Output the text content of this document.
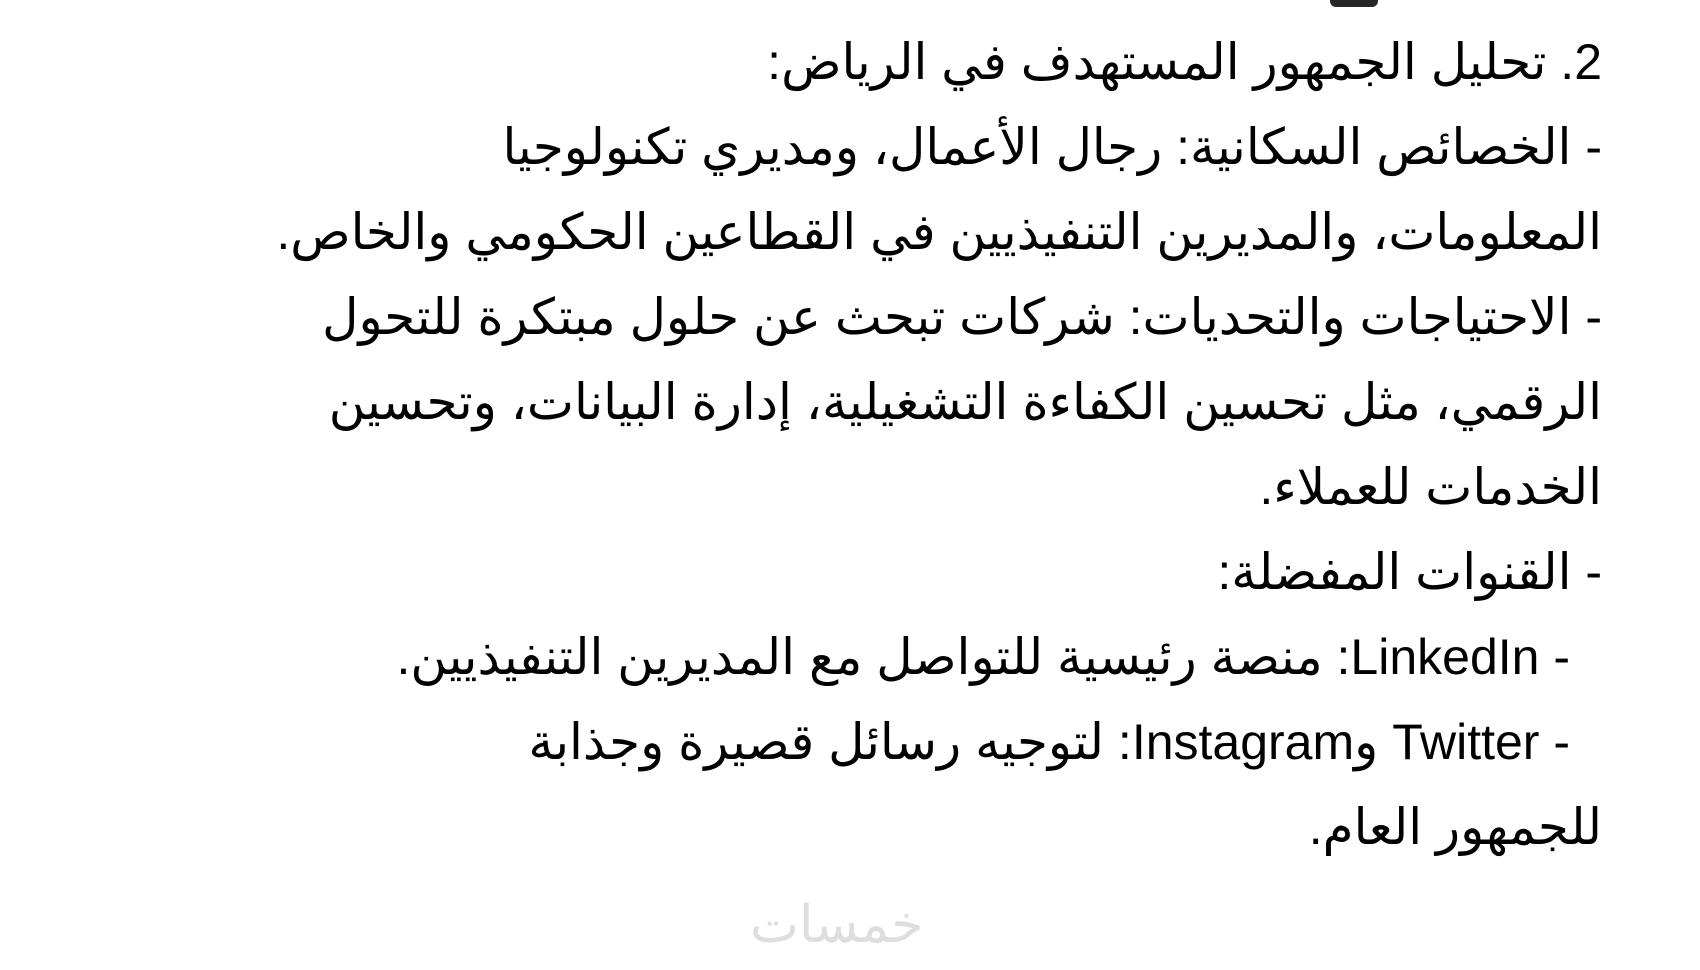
2. تحليل الجمهور المستهدف في الرياض:
- الخصائص السكانية: رجال الأعمال، ومديري تكنولوجيا
المعلومات، والمديرين التنفيذيين في القطاعين الحكومي والخاص.
- الاحتياجات والتحديات: شركات تبحث عن حلول مبتكرة للتحول
الرقمي، مثل تحسين الكفاءة التشغيلية، إدارة البيانات، وتحسين
الخدمات للعملاء.
- القنوات المفضلة:
- LinkedIn: منصة رئيسية للتواصل مع المديرين التنفيذيين.
- Twitter وInstagram: لتوجيه رسائل قصيرة وجذابة
للجمهور العام.
خمسات
